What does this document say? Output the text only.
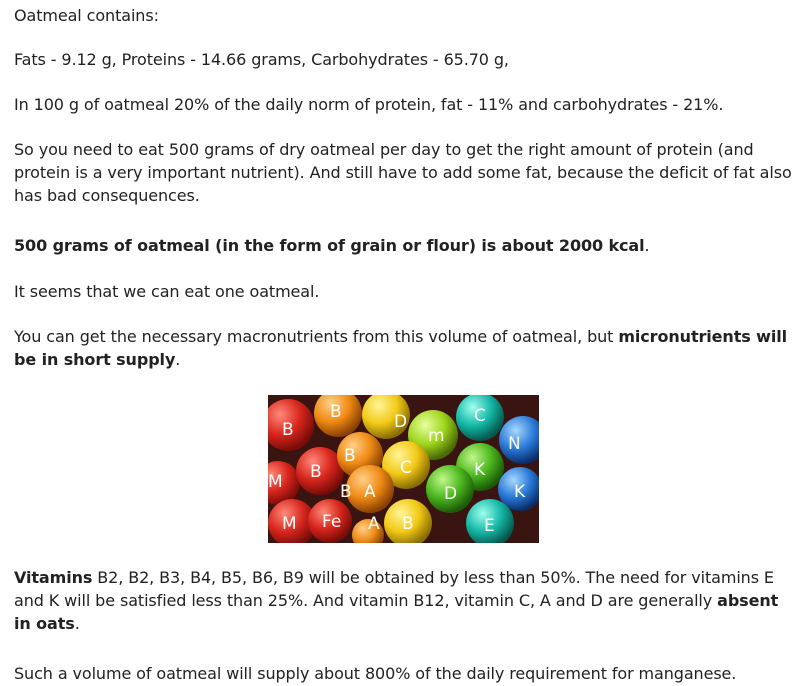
Oatmeal contains:

Fats - 9.12 g, Proteins - 14.66 grams, Carbohydrates - 65.70 g,

In 100 g of oatmeal 20% of the daily norm of protein, fat - 11% and carbohydrates - 21%.

So you need to eat 500 grams of dry oatmeal per day to get the right amount of protein (and protein is a very important nutrient). And still have to add some fat, because the deficit of fat also has bad consequences.

500 grams of oatmeal (in the form of grain or flour) is about 2000 kcal.

It seems that we can eat one oatmeal.

You can get the necessary macronutrients from this volume of oatmeal, but micronutrients will be in short supply.

B
B	D
m
C
N
B
B
C	K
M	B A	D	K
M Fe A B	E

Vitamins B2, B2, B3, B4, B5, B6, B9 will be obtained by less than 50%. The need for vitamins E and K will be satisfied less than 25%. And vitamin B12, vitamin C, A and D are generally absent in oats.

Such a volume of oatmeal will supply about 800% of the daily requirement for manganese.
